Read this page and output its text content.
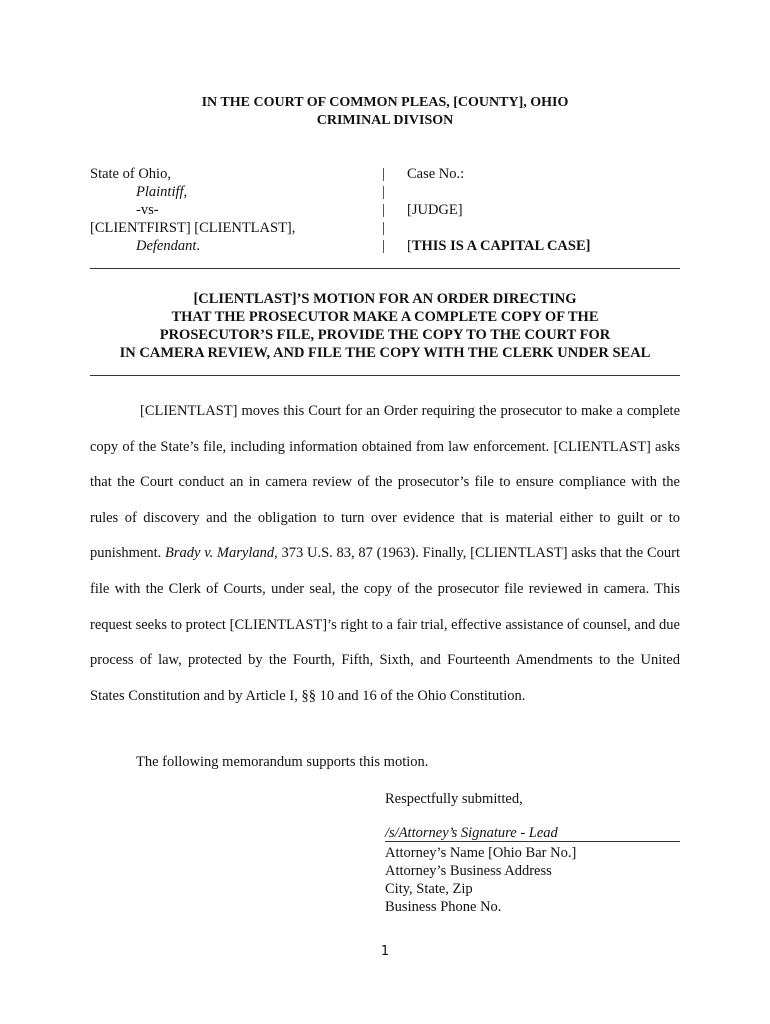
IN THE COURT OF COMMON PLEAS, [COUNTY], OHIO
CRIMINAL DIVISON
State of Ohio,	| Case No.:
Plaintiff,	|
-vs-	| [JUDGE]
[CLIENTFIRST] [CLIENTLAST],	|
Defendant.	| [THIS IS A CAPITAL CASE]
[CLIENTLAST]’S MOTION FOR AN ORDER DIRECTING
THAT THE PROSECUTOR MAKE A COMPLETE COPY OF THE
PROSECUTOR’S FILE, PROVIDE THE COPY TO THE COURT FOR
IN CAMERA REVIEW, AND FILE THE COPY WITH THE CLERK UNDER SEAL

[CLIENTLAST] moves this Court for an Order requiring the prosecutor to make a complete copy of the State’s file, including information obtained from law enforcement. [CLIENTLAST] asks that the Court conduct an in camera review of the prosecutor’s file to ensure compliance with the rules of discovery and the obligation to turn over evidence that is material either to guilt or to punishment. Brady v. Maryland, 373 U.S. 83, 87 (1963). Finally, [CLIENTLAST] asks that the Court file with the Clerk of Courts, under seal, the copy of the prosecutor file reviewed in camera. This request seeks to protect [CLIENTLAST]’s right to a fair trial, effective assistance of counsel, and due process of law, protected by the Fourth, Fifth, Sixth, and Fourteenth Amendments to the United States Constitution and by Article I, §§ 10 and 16 of the Ohio Constitution.

The following memorandum supports this motion.
Respectfully submitted,
/s/Attorney’s Signature - Lead
Attorney’s Name [Ohio Bar No.]
Attorney’s Business Address
City, State, Zip
Business Phone No.
1
